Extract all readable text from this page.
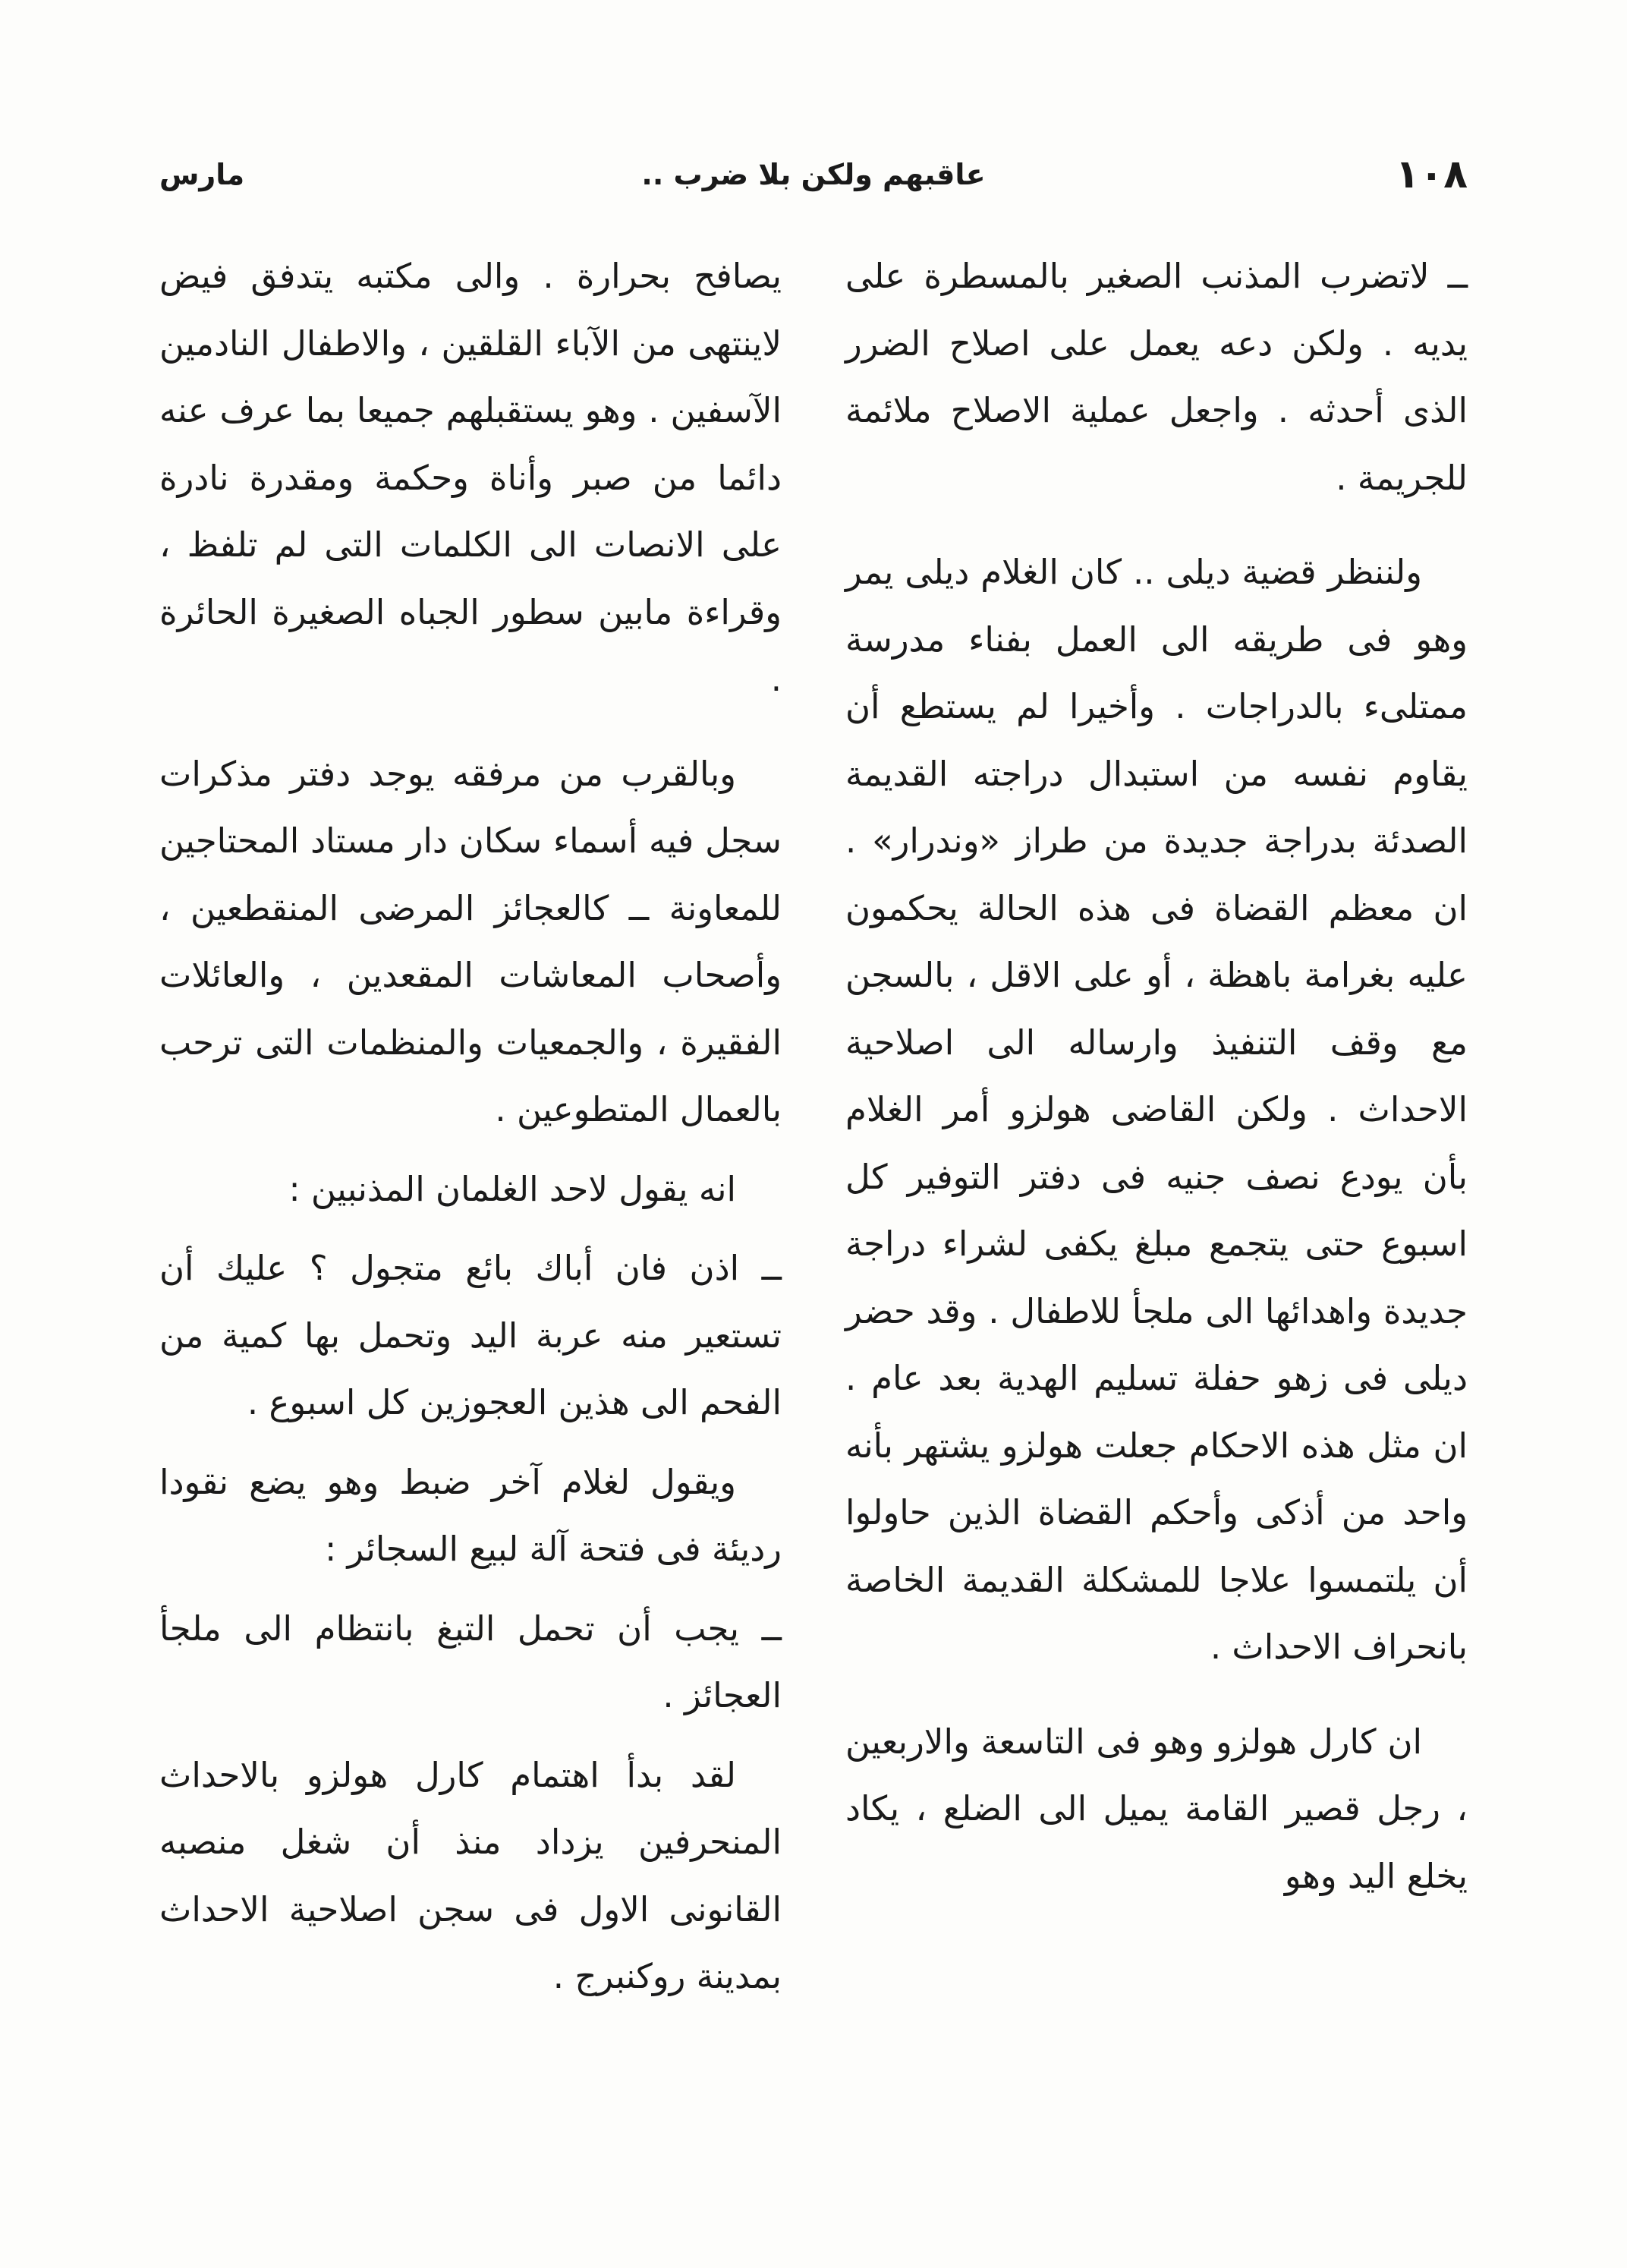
١٠٨
عاقبهم ولكن بلا ضرب ..
مارس

ــ لاتضرب المذنب الصغير بالمسطرة على يديه . ولكن دعه يعمل على اصلاح الضرر الذى أحدثه . واجعل عملية الاصلاح ملائمة للجريمة .

ولننظر قضية ديلى .. كان الغلام ديلى يمر وهو فى طريقه الى العمل بفناء مدرسة ممتلىء بالدراجات . وأخيرا لم يستطع أن يقاوم نفسه من استبدال دراجته القديمة الصدئة بدراجة جديدة من طراز «وندرار» . ان معظم القضاة فى هذه الحالة يحكمون عليه بغرامة باهظة ، أو على الاقل ، بالسجن مع وقف التنفيذ وارساله الى اصلاحية الاحداث . ولكن القاضى هولزو أمر الغلام بأن يودع نصف جنيه فى دفتر التوفير كل اسبوع حتى يتجمع مبلغ يكفى لشراء دراجة جديدة واهدائها الى ملجأ للاطفال . وقد حضر ديلى فى زهو حفلة تسليم الهدية بعد عام . ان مثل هذه الاحكام جعلت هولزو يشتهر بأنه واحد من أذكى وأحكم القضاة الذين حاولوا أن يلتمسوا علاجا للمشكلة القديمة الخاصة بانحراف الاحداث .

ان كارل هولزو وهو فى التاسعة والاربعين ، رجل قصير القامة يميل الى الضلع ، يكاد يخلع اليد وهو

يصافح بحرارة . والى مكتبه يتدفق فيض لاينتهى من الآباء القلقين ، والاطفال النادمين الآسفين . وهو يستقبلهم جميعا بما عرف عنه دائما من صبر وأناة وحكمة ومقدرة نادرة على الانصات الى الكلمات التى لم تلفظ ، وقراءة مابين سطور الجباه الصغيرة الحائرة .

وبالقرب من مرفقه يوجد دفتر مذكرات سجل فيه أسماء سكان دار مستاد المحتاجين للمعاونة ــ كالعجائز المرضى المنقطعين ، وأصحاب المعاشات المقعدين ، والعائلات الفقيرة ، والجمعيات والمنظمات التى ترحب بالعمال المتطوعين .

انه يقول لاحد الغلمان المذنبين :

ــ اذن فان أباك بائع متجول ؟ عليك أن تستعير منه عربة اليد وتحمل بها كمية من الفحم الى هذين العجوزين كل اسبوع .

ويقول لغلام آخر ضبط وهو يضع نقودا رديئة فى فتحة آلة لبيع السجائر :

ــ يجب أن تحمل التبغ بانتظام الى ملجأ العجائز .

لقد بدأ اهتمام كارل هولزو بالاحداث المنحرفين يزداد منذ أن شغل منصبه القانونى الاول فى سجن اصلاحية الاحداث بمدينة روكنبرج .
